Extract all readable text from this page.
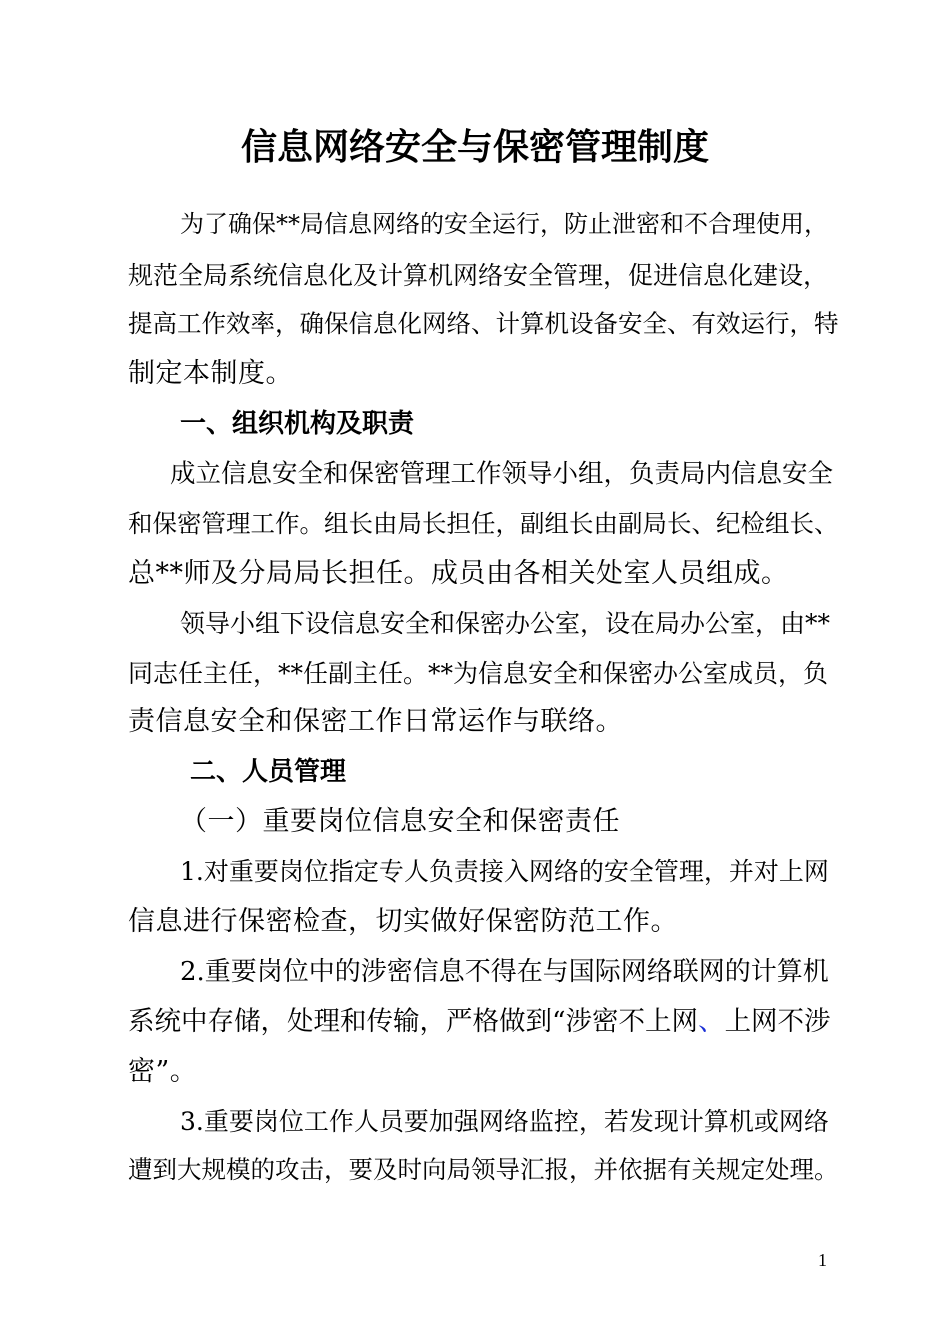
信息网络安全与保密管理制度
为了确保**局信息网络的安全运行，防止泄密和不合理使用，
规范全局系统信息化及计算机网络安全管理，促进信息化建设，
提高工作效率，确保信息化网络、计算机设备安全、有效运行，特
制定本制度。
一、组织机构及职责
成立信息安全和保密管理工作领导小组，负责局内信息安全
和保密管理工作。组长由局长担任，副组长由副局长、纪检组长、
总**师及分局局长担任。成员由各相关处室人员组成。
领导小组下设信息安全和保密办公室，设在局办公室，由**
同志任主任，**任副主任。**为信息安全和保密办公室成员，负
责信息安全和保密工作日常运作与联络。
二、人员管理
（一）重要岗位信息安全和保密责任
1.对重要岗位指定专人负责接入网络的安全管理，并对上网
信息进行保密检查，切实做好保密防范工作。
2.重要岗位中的涉密信息不得在与国际网络联网的计算机
系统中存储，处理和传输，严格做到“涉密不上网、上网不涉
密”。
3.重要岗位工作人员要加强网络监控，若发现计算机或网络
遭到大规模的攻击，要及时向局领导汇报，并依据有关规定处理。
1
